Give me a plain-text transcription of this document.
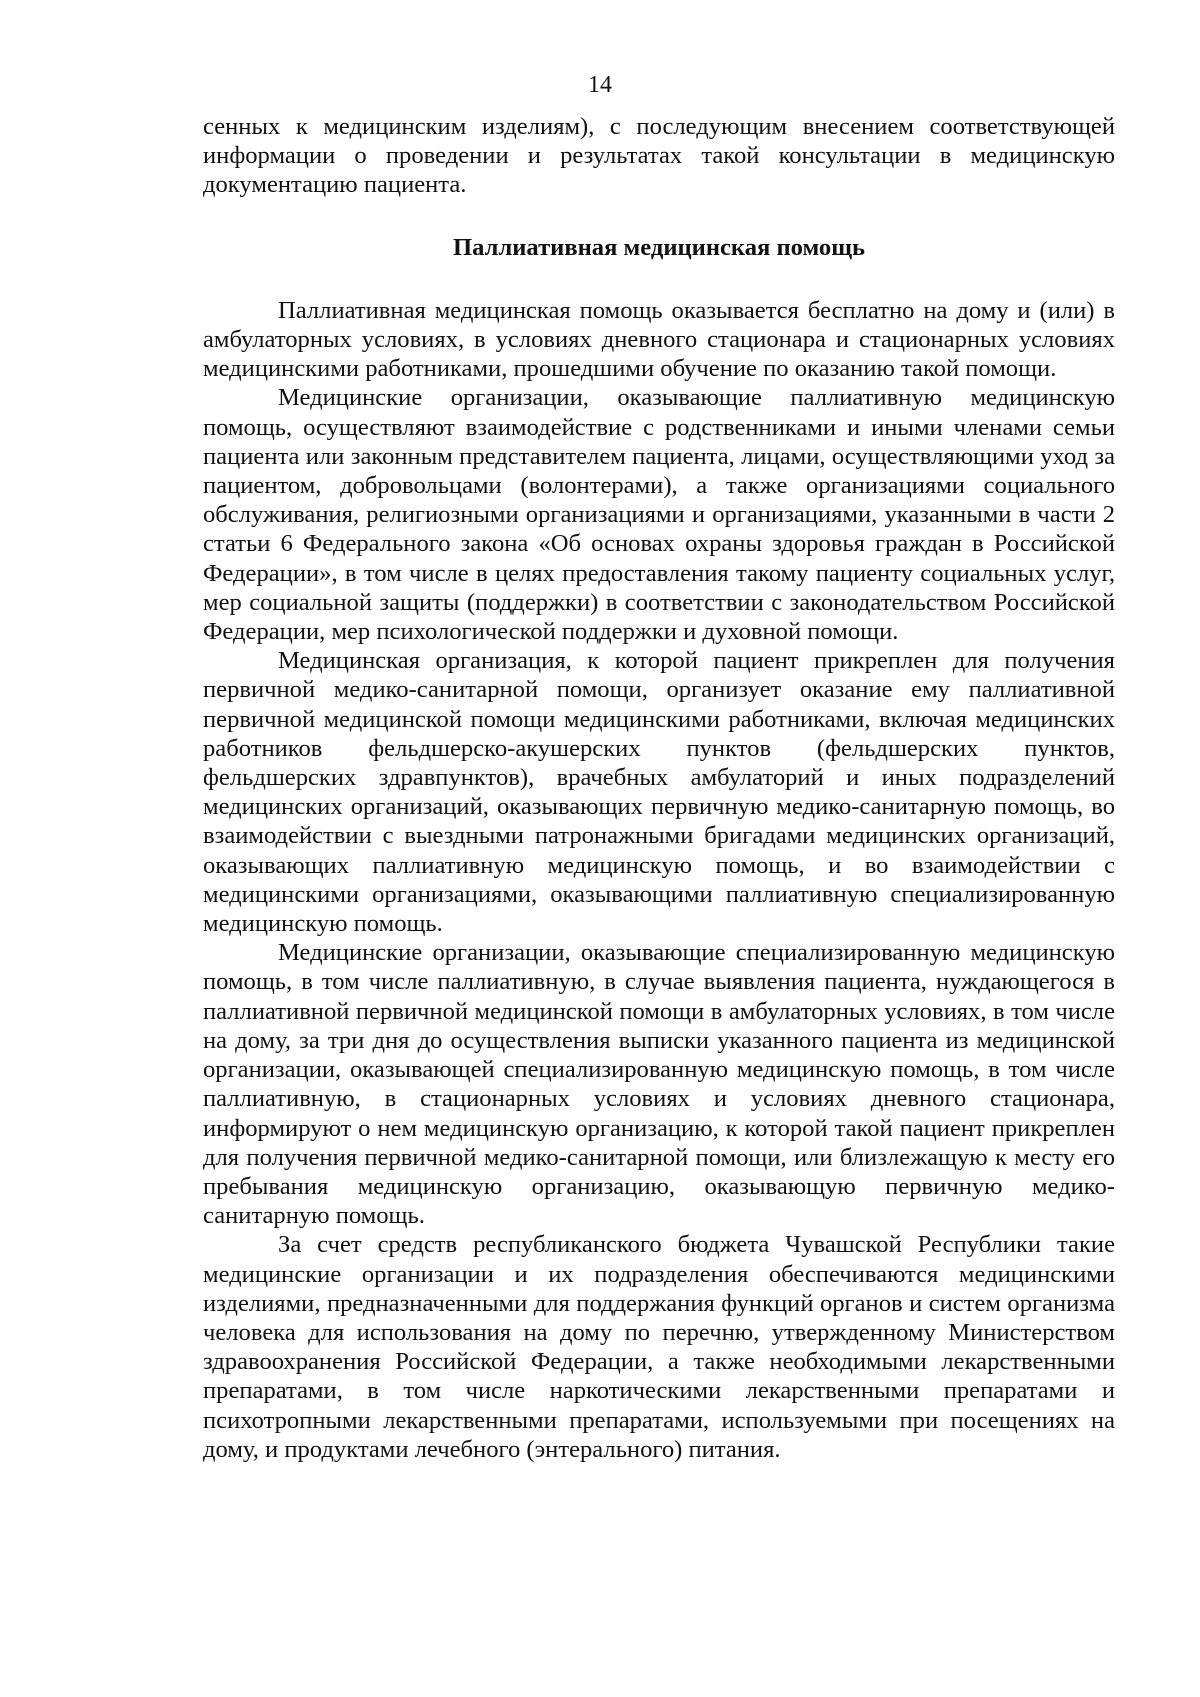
14

сенных к медицинским изделиям), с последующим внесением соответствующей информации о проведении и результатах такой консультации в медицинскую документацию пациента.

Паллиативная медицинская помощь

Паллиативная медицинская помощь оказывается бесплатно на дому и (или) в амбулаторных условиях, в условиях дневного стационара и стационарных условиях медицинскими работниками, прошедшими обучение по оказанию такой помощи.

Медицинские организации, оказывающие паллиативную медицинскую помощь, осуществляют взаимодействие с родственниками и иными членами семьи пациента или законным представителем пациента, лицами, осуществляющими уход за пациентом, добровольцами (волонтерами), а также организациями социального обслуживания, религиозными организациями и организациями, указанными в части 2 статьи 6 Федерального закона «Об основах охраны здоровья граждан в Российской Федерации», в том числе в целях предоставления такому пациенту социальных услуг, мер социальной защиты (поддержки) в соответствии с законодательством Российской Федерации, мер психологической поддержки и духовной помощи.

Медицинская организация, к которой пациент прикреплен для получения первичной медико-санитарной помощи, организует оказание ему паллиативной первичной медицинской помощи медицинскими работниками, включая медицинских работников фельдшерско-акушерских пунктов (фельдшерских пунктов, фельдшерских здравпунктов), врачебных амбулаторий и иных подразделений медицинских организаций, оказывающих первичную медико-санитарную помощь, во взаимодействии с выездными патронажными бригадами медицинских организаций, оказывающих паллиативную медицинскую помощь, и во взаимодействии с медицинскими организациями, оказывающими паллиативную специализированную медицинскую помощь.

Медицинские организации, оказывающие специализированную медицинскую помощь, в том числе паллиативную, в случае выявления пациента, нуждающегося в паллиативной первичной медицинской помощи в амбулаторных условиях, в том числе на дому, за три дня до осуществления выписки указанного пациента из медицинской организации, оказывающей специализированную медицинскую помощь, в том числе паллиативную, в стационарных условиях и условиях дневного стационара, информируют о нем медицинскую организацию, к которой такой пациент прикреплен для получения первичной медико-санитарной помощи, или близлежащую к месту его пребывания медицинскую организацию, оказывающую первичную медико-санитарную помощь.

За счет средств республиканского бюджета Чувашской Республики такие медицинские организации и их подразделения обеспечиваются медицинскими изделиями, предназначенными для поддержания функций органов и систем организма человека для использования на дому по перечню, утвержденному Министерством здравоохранения Российской Федерации, а также необходимыми лекарственными препаратами, в том числе наркотическими лекарственными препаратами и психотропными лекарственными препаратами, используемыми при посещениях на дому, и продуктами лечебного (энтерального) питания.
